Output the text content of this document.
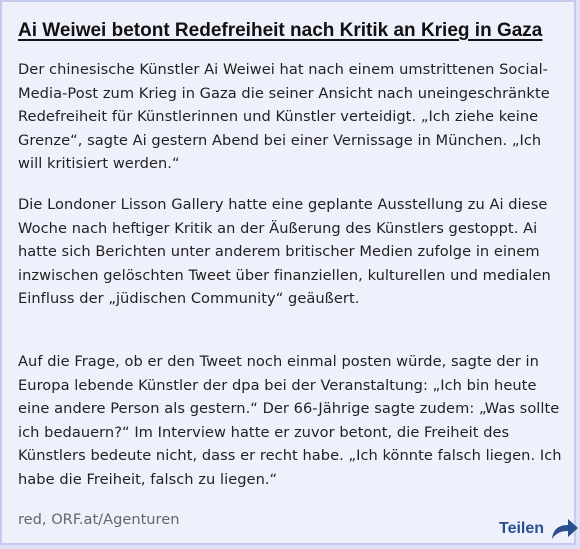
Ai Weiwei betont Redefreiheit nach Kritik an Krieg in Gaza

Der chinesische Künstler Ai Weiwei hat nach einem umstrittenen Social-Media-Post zum Krieg in Gaza die seiner Ansicht nach uneingeschränkte Redefreiheit für Künstlerinnen und Künstler verteidigt. „Ich ziehe keine Grenze“, sagte Ai gestern Abend bei einer Vernissage in München. „Ich will kritisiert werden.“

Die Londoner Lisson Gallery hatte eine geplante Ausstellung zu Ai diese Woche nach heftiger Kritik an der Äußerung des Künstlers gestoppt. Ai hatte sich Berichten unter anderem britischer Medien zufolge in einem inzwischen gelöschten Tweet über finanziellen, kulturellen und medialen Einfluss der „jüdischen Community“ geäußert.

Auf die Frage, ob er den Tweet noch einmal posten würde, sagte der in Europa lebende Künstler der dpa bei der Veranstaltung: „Ich bin heute eine andere Person als gestern.“ Der 66-Jährige sagte zudem: „Was sollte ich bedauern?“ Im Interview hatte er zuvor betont, die Freiheit des Künstlers bedeute nicht, dass er recht habe. „Ich könnte falsch liegen. Ich habe die Freiheit, falsch zu liegen.“

red, ORF.at/Agenturen
Teilen
